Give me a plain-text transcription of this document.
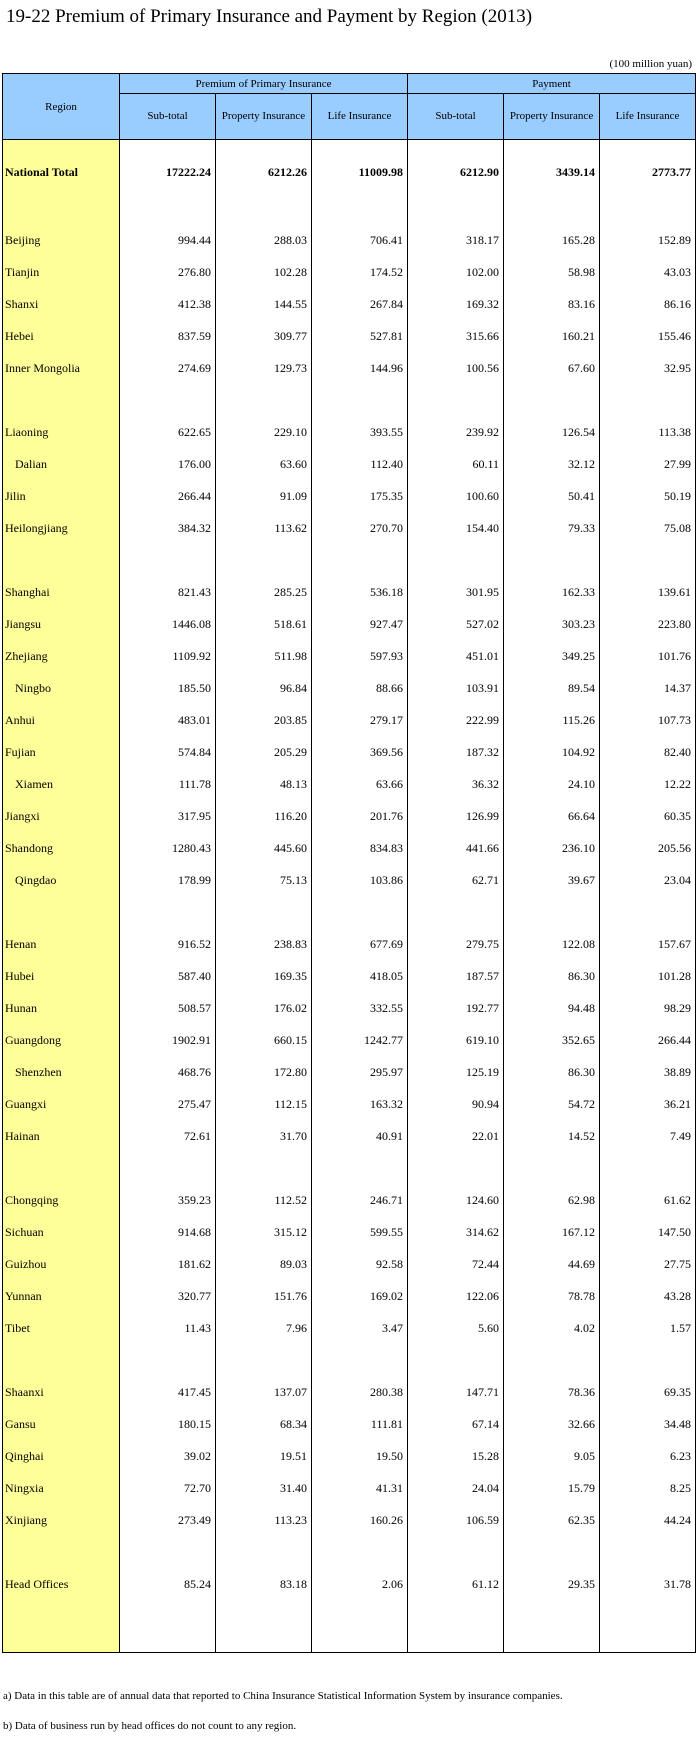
19-22 Premium of Primary Insurance and Payment by Region (2013)
(100 million yuan)
Region	Premium of Primary Insurance			Payment		
	Sub-total	Property Insurance	Life Insurance	Sub-total	Property Insurance	Life Insurance

National Total	17222.24	6212.26	11009.98	6212.90	3439.14	2773.77

Beijing	994.44	288.03	706.41	318.17	165.28	152.89
Tianjin	276.80	102.28	174.52	102.00	58.98	43.03
Shanxi	412.38	144.55	267.84	169.32	83.16	86.16
Hebei	837.59	309.77	527.81	315.66	160.21	155.46
Inner Mongolia	274.69	129.73	144.96	100.56	67.60	32.95

Liaoning	622.65	229.10	393.55	239.92	126.54	113.38
Dalian	176.00	63.60	112.40	60.11	32.12	27.99
Jilin	266.44	91.09	175.35	100.60	50.41	50.19
Heilongjiang	384.32	113.62	270.70	154.40	79.33	75.08

Shanghai	821.43	285.25	536.18	301.95	162.33	139.61
Jiangsu	1446.08	518.61	927.47	527.02	303.23	223.80
Zhejiang	1109.92	511.98	597.93	451.01	349.25	101.76
Ningbo	185.50	96.84	88.66	103.91	89.54	14.37
Anhui	483.01	203.85	279.17	222.99	115.26	107.73
Fujian	574.84	205.29	369.56	187.32	104.92	82.40
Xiamen	111.78	48.13	63.66	36.32	24.10	12.22
Jiangxi	317.95	116.20	201.76	126.99	66.64	60.35
Shandong	1280.43	445.60	834.83	441.66	236.10	205.56
Qingdao	178.99	75.13	103.86	62.71	39.67	23.04

Henan	916.52	238.83	677.69	279.75	122.08	157.67
Hubei	587.40	169.35	418.05	187.57	86.30	101.28
Hunan	508.57	176.02	332.55	192.77	94.48	98.29
Guangdong	1902.91	660.15	1242.77	619.10	352.65	266.44
Shenzhen	468.76	172.80	295.97	125.19	86.30	38.89
Guangxi	275.47	112.15	163.32	90.94	54.72	36.21
Hainan	72.61	31.70	40.91	22.01	14.52	7.49

Chongqing	359.23	112.52	246.71	124.60	62.98	61.62
Sichuan	914.68	315.12	599.55	314.62	167.12	147.50
Guizhou	181.62	89.03	92.58	72.44	44.69	27.75
Yunnan	320.77	151.76	169.02	122.06	78.78	43.28
Tibet	11.43	7.96	3.47	5.60	4.02	1.57

Shaanxi	417.45	137.07	280.38	147.71	78.36	69.35
Gansu	180.15	68.34	111.81	67.14	32.66	34.48
Qinghai	39.02	19.51	19.50	15.28	9.05	6.23
Ningxia	72.70	31.40	41.31	24.04	15.79	8.25
Xinjiang	273.49	113.23	160.26	106.59	62.35	44.24

Head Offices	85.24	83.18	2.06	61.12	29.35	31.78

a) Data in this table are of annual data that reported to China Insurance Statistical Information System by insurance companies.
b) Data of business run by head offices do not count to any region.
